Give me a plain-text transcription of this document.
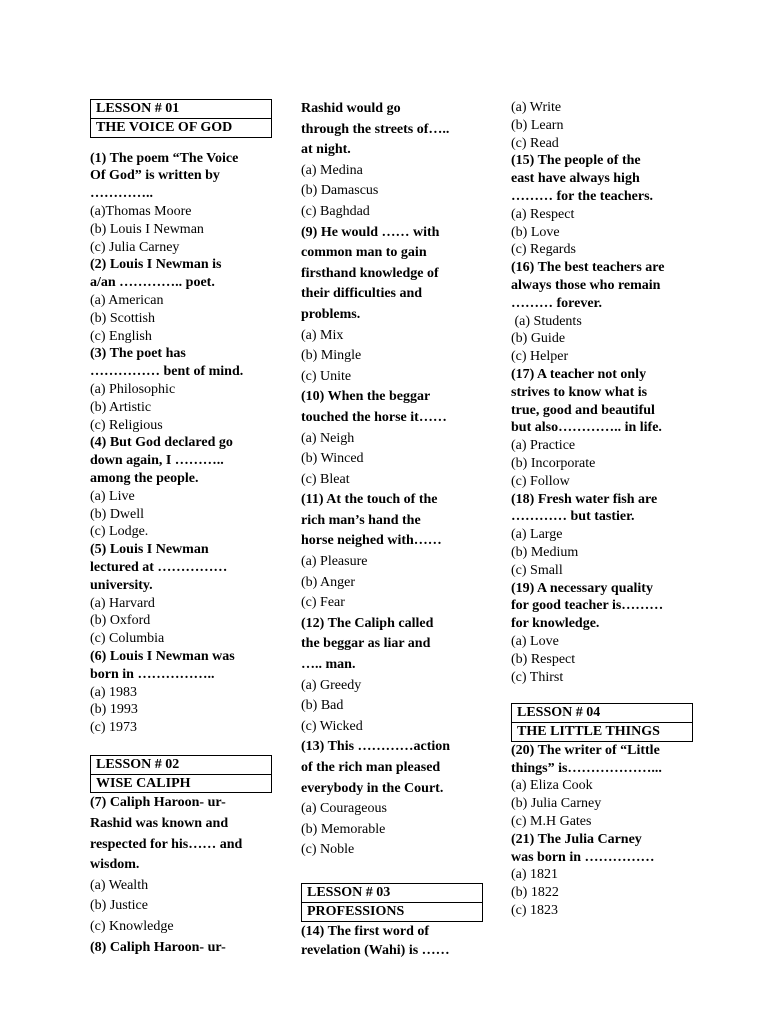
LESSON # 01
THE VOICE OF GOD
(1) The poem “The Voice
Of God” is written by
…………..
(a)Thomas Moore
(b) Louis I Newman
(c) Julia Carney
(2) Louis I Newman is
a/an ………….. poet.
(a) American
(b) Scottish
(c) English
(3) The poet has
…………… bent of mind.
(a) Philosophic
(b) Artistic
(c) Religious
(4) But God declared go
down again, I ………..
among the people.
(a) Live
(b) Dwell
(c) Lodge.
(5) Louis I Newman
lectured at ……………
university.
(a) Harvard
(b) Oxford
(c) Columbia
(6) Louis I Newman was
born in ……………..
(a) 1983
(b) 1993
(c) 1973
LESSON # 02
WISE CALIPH
(7) Caliph Haroon- ur-
Rashid was known and
respected for his…… and
wisdom.
(a) Wealth
(b) Justice
(c) Knowledge
(8) Caliph Haroon- ur-
Rashid would go
through the streets of…..
at night.
(a) Medina
(b) Damascus
(c) Baghdad
(9) He would …… with
common man to gain
firsthand knowledge of
their difficulties and
problems.
(a) Mix
(b) Mingle
(c) Unite
(10) When the beggar
touched the horse it……
(a) Neigh
(b) Winced
(c) Bleat
(11) At the touch of the
rich man’s hand the
horse neighed with……
(a) Pleasure
(b) Anger
(c) Fear
(12) The Caliph called
the beggar as liar and
….. man.
(a) Greedy
(b) Bad
(c) Wicked
(13) This …………action
of the rich man pleased
everybody in the Court.
(a) Courageous
(b) Memorable
(c) Noble
LESSON # 03
PROFESSIONS
(14) The first word of
revelation (Wahi) is ……
(a) Write
(b) Learn
(c) Read
(15) The people of the
east have always high
……… for the teachers.
(a) Respect
(b) Love
(c) Regards
(16) The best teachers are
always those who remain
……… forever.
(a) Students
(b) Guide
(c) Helper
(17) A teacher not only
strives to know what is
true, good and beautiful
but also………….. in life.
(a) Practice
(b) Incorporate
(c) Follow
(18) Fresh water fish are
………… but tastier.
(a) Large
(b) Medium
(c) Small
(19) A necessary quality
for good teacher is………
for knowledge.
(a) Love
(b) Respect
(c) Thirst
LESSON # 04
THE LITTLE THINGS
(20) The writer of “Little
things” is………………...
(a) Eliza Cook
(b) Julia Carney
(c) M.H Gates
(21) The Julia Carney
was born in ……………
(a) 1821
(b) 1822
(c) 1823
